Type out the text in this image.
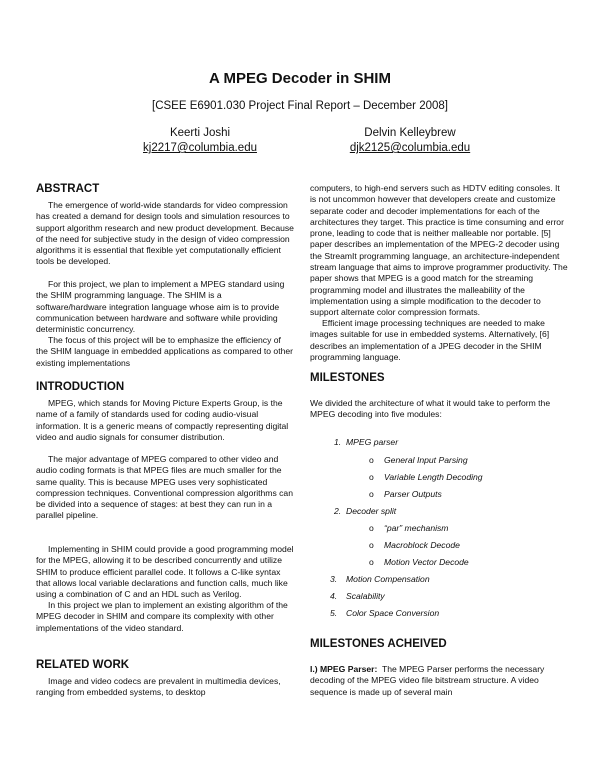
A MPEG Decoder in SHIM
[CSEE E6901.030 Project Final Report – December 2008]
Keerti Joshi
kj2217@columbia.edu
Delvin Kelleybrew
djk2125@columbia.edu
ABSTRACT

The emergence of world-wide standards for video compression has created a demand for design tools and simulation resources to support algorithm research and new product development. Because of the need for subjective study in the design of video compression algorithms it is essential that flexible yet computationally efficient tools be developed.

For this project, we plan to implement a MPEG standard using the SHIM programming language. The SHIM is a software/hardware integration language whose aim is to provide communication between hardware and software while providing deterministic concurrency.

The focus of this project will be to emphasize the efficiency of the SHIM language in embedded applications as compared to other existing implementations

INTRODUCTION

MPEG, which stands for Moving Picture Experts Group, is the name of a family of standards used for coding audio-visual information. It is a generic means of compactly representing digital video and audio signals for consumer distribution.

The major advantage of MPEG compared to other video and audio coding formats is that MPEG files are much smaller for the same quality. This is because MPEG uses very sophisticated compression techniques. Conventional compression algorithms can be divided into a sequence of stages: at best they can run in a parallel pipeline.

Implementing in SHIM could provide a good programming model for the MPEG, allowing it to be described concurrently and utilize SHIM to produce efficient parallel code. It follows a C-like syntax that allows local variable declarations and function calls, much like using a combination of C and an HDL such as Verilog.

In this project we plan to implement an existing algorithm of the MPEG decoder in SHIM and compare its complexity with other implementations of the video standard.

RELATED WORK

Image and video codecs are prevalent in multimedia devices, ranging from embedded systems, to desktop

computers, to high-end servers such as HDTV editing consoles. It is not uncommon however that developers create and customize separate coder and decoder implementations for each of the architectures they target. This practice is time consuming and error prone, leading to code that is neither malleable nor portable. [5] paper describes an implementation of the MPEG-2 decoder using the StreamIt programming language, an architecture-independent stream language that aims to improve programmer productivity. The paper shows that MPEG is a good match for the streaming programming model and illustrates the malleability of the implementation using a simple modification to the decoder to support alternate color compression formats.

Efficient image processing techniques are needed to make images suitable for use in embedded systems. Alternatively, [6] describes an implementation of a JPEG decoder in the SHIM programming language.

MILESTONES

We divided the architecture of what it would take to perform the MPEG decoding into five modules:

1. MPEG parser
o General Input Parsing
o Variable Length Decoding
o Parser Outputs
2. Decoder split
o “par” mechanism
o Macroblock Decode
o Motion Vector Decode
3. Motion Compensation
4. Scalability
5. Color Space Conversion
MILESTONES ACHEIVED

I.) MPEG Parser: The MPEG Parser performs the necessary decoding of the MPEG video file bitstream structure. A video sequence is made up of several main
